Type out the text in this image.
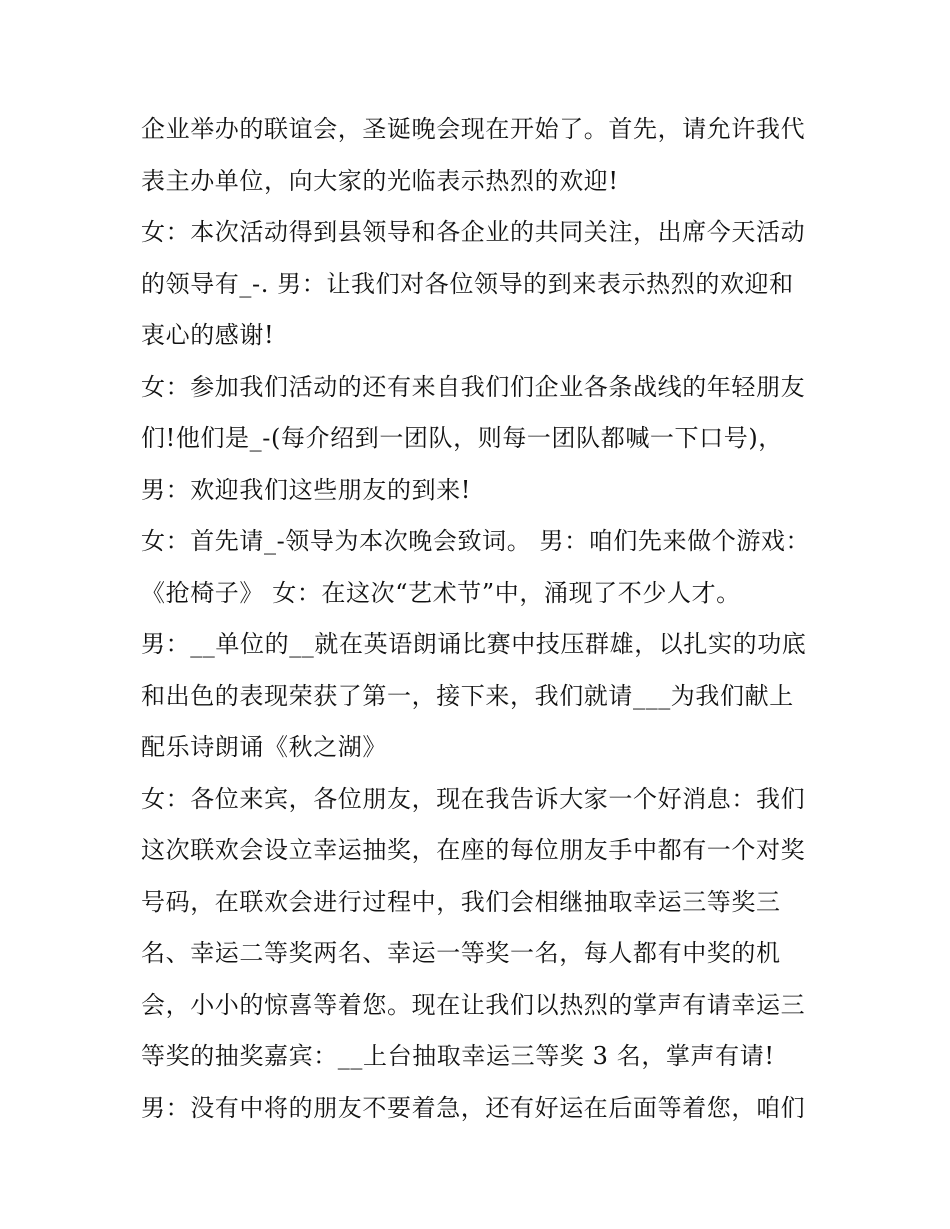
企业举办的联谊会，圣诞晚会现在开始了。首先，请允许我代

表主办单位，向大家的光临表示热烈的欢迎!

女：本次活动得到县领导和各企业的共同关注，出席今天活动

的领导有_-. 男：让我们对各位领导的到来表示热烈的欢迎和

衷心的感谢!

女：参加我们活动的还有来自我们们企业各条战线的年轻朋友

们!他们是_-(每介绍到一团队，则每一团队都喊一下口号)，

男：欢迎我们这些朋友的到来!

女：首先请_-领导为本次晚会致词。 男：咱们先来做个游戏：

《抢椅子》 女：在这次“艺术节”中，涌现了不少人才。

男：__单位的__就在英语朗诵比赛中技压群雄，以扎实的功底

和出色的表现荣获了第一，接下来，我们就请___为我们献上

配乐诗朗诵《秋之湖》

女：各位来宾，各位朋友，现在我告诉大家一个好消息：我们

这次联欢会设立幸运抽奖，在座的每位朋友手中都有一个对奖

号码，在联欢会进行过程中，我们会相继抽取幸运三等奖三

名、幸运二等奖两名、幸运一等奖一名，每人都有中奖的机

会，小小的惊喜等着您。现在让我们以热烈的掌声有请幸运三

等奖的抽奖嘉宾：__上台抽取幸运三等奖 3 名，掌声有请!

男：没有中将的朋友不要着急，还有好运在后面等着您，咱们
